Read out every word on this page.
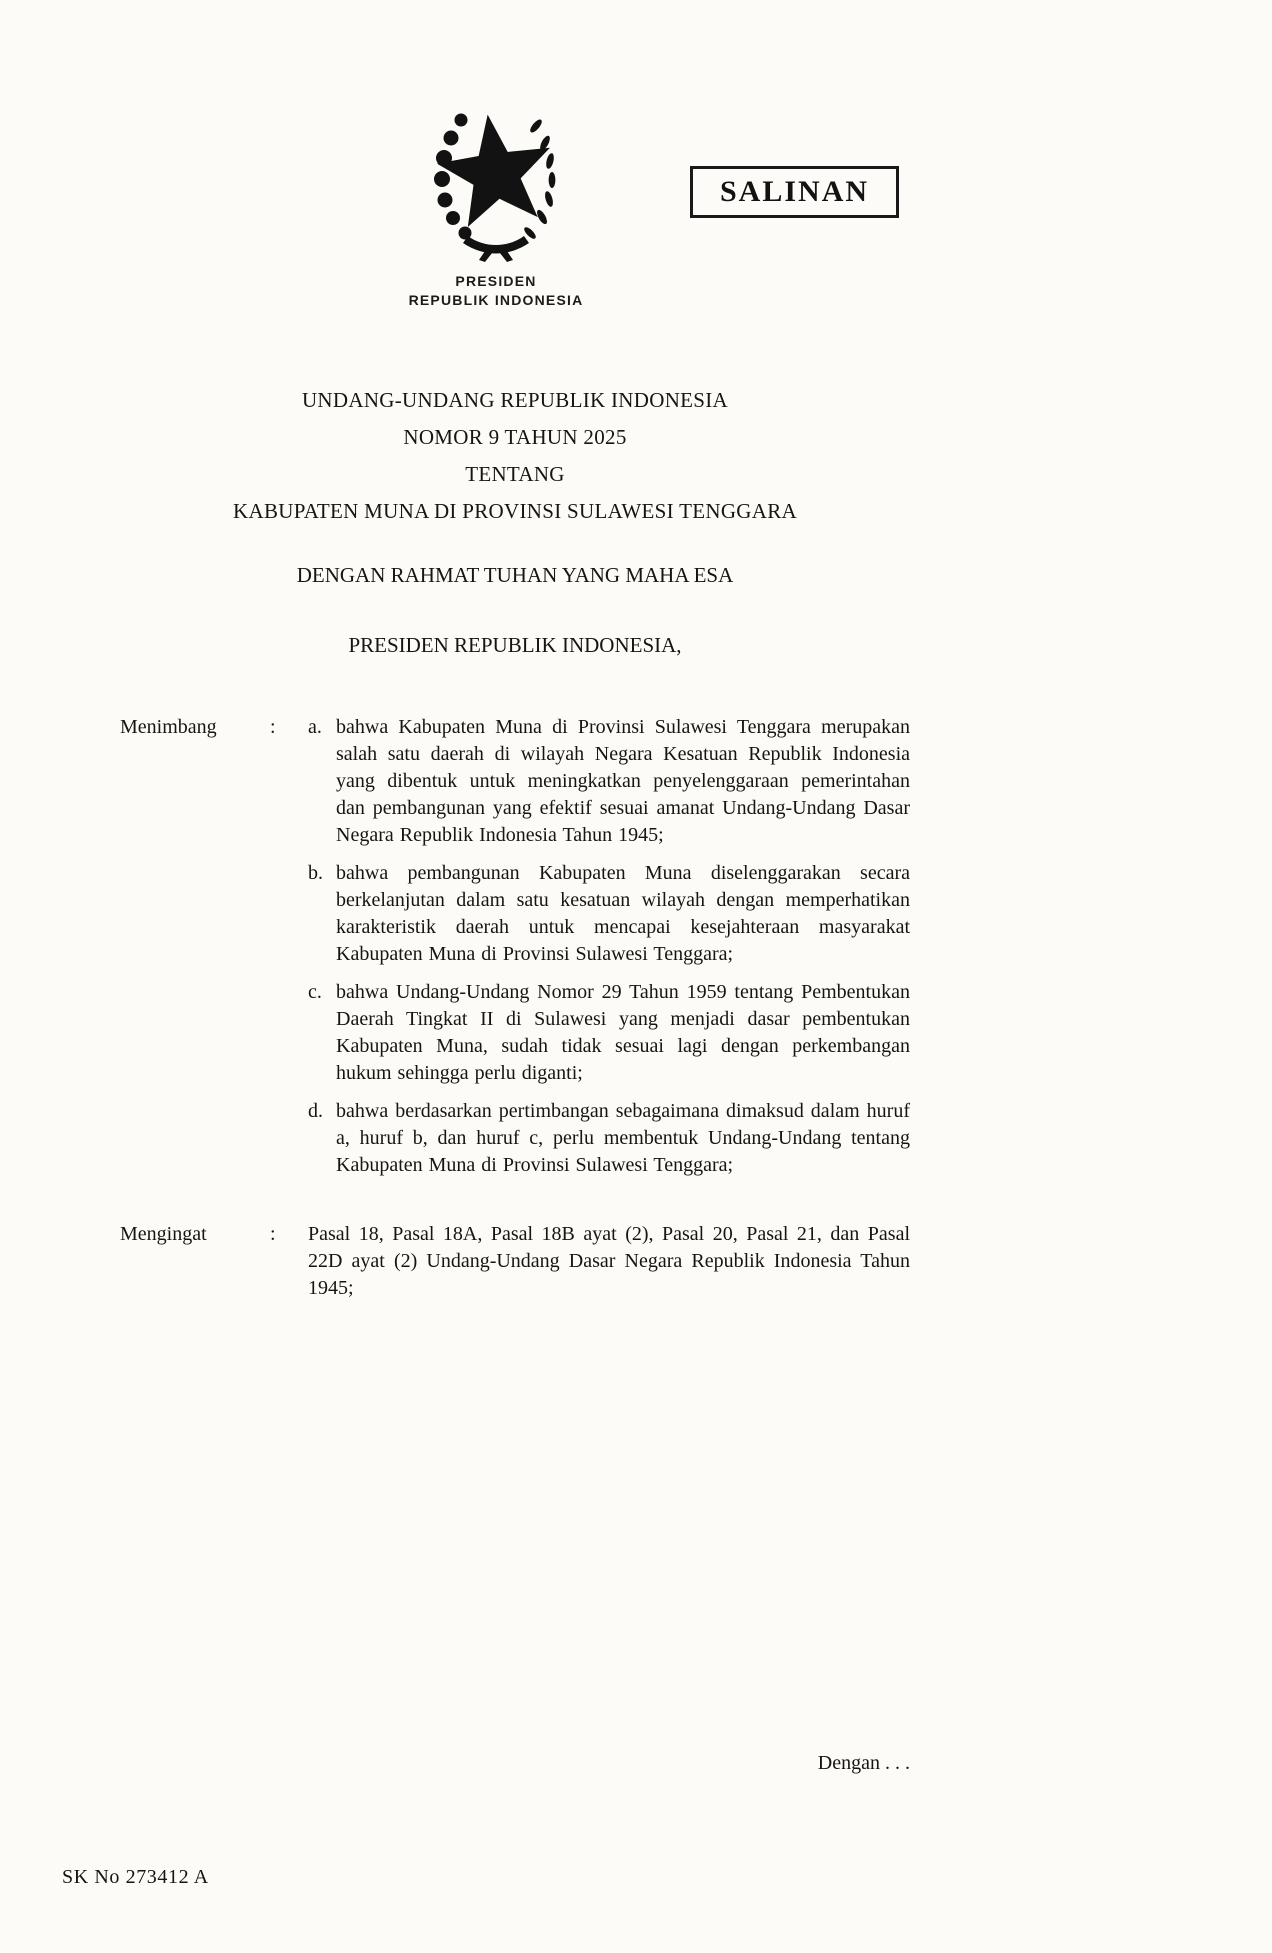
SALINAN
PRESIDEN
REPUBLIK INDONESIA
UNDANG-UNDANG REPUBLIK INDONESIA
NOMOR 9 TAHUN 2025
TENTANG
KABUPATEN MUNA DI PROVINSI SULAWESI TENGGARA
DENGAN RAHMAT TUHAN YANG MAHA ESA
PRESIDEN REPUBLIK INDONESIA,
Menimbang	:	a. bahwa Kabupaten Muna di Provinsi Sulawesi Tenggara merupakan salah satu daerah di wilayah Negara Kesatuan Republik Indonesia yang dibentuk untuk meningkatkan penyelenggaraan pemerintahan dan pembangunan yang efektif sesuai amanat Undang-Undang Dasar Negara Republik Indonesia Tahun 1945;

b. bahwa pembangunan Kabupaten Muna diselenggarakan secara berkelanjutan dalam satu kesatuan wilayah dengan memperhatikan karakteristik daerah untuk mencapai kesejahteraan masyarakat Kabupaten Muna di Provinsi Sulawesi Tenggara;

c. bahwa Undang-Undang Nomor 29 Tahun 1959 tentang Pembentukan Daerah Tingkat II di Sulawesi yang menjadi dasar pembentukan Kabupaten Muna, sudah tidak sesuai lagi dengan perkembangan hukum sehingga perlu diganti;

d. bahwa berdasarkan pertimbangan sebagaimana dimaksud dalam huruf a, huruf b, dan huruf c, perlu membentuk Undang-Undang tentang Kabupaten Muna di Provinsi Sulawesi Tenggara;

Mengingat	:	Pasal 18, Pasal 18A, Pasal 18B ayat (2), Pasal 20, Pasal 21, dan Pasal 22D ayat (2) Undang-Undang Dasar Negara Republik Indonesia Tahun 1945;

Dengan . . .
SK No 273412 A
